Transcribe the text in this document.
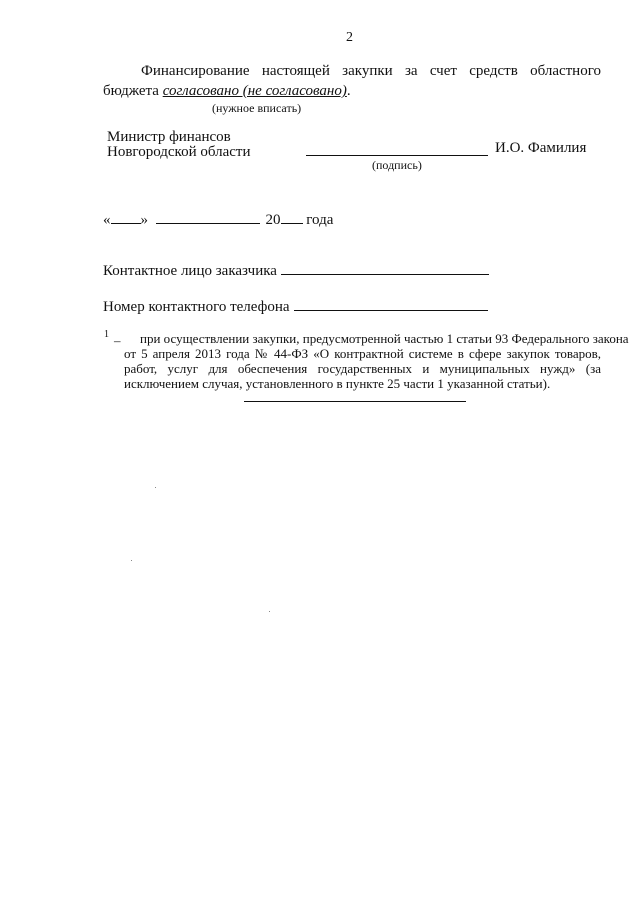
2
Финансирование настоящей закупки за счет средств областного
бюджета согласовано (не согласовано).
(нужное вписать)
Министр финансов
Новгородской области	И.О. Фамилия
(подпись)
« »	20 года
Контактное лицо заказчика
Номер контактного телефона
1 – при осуществлении закупки, предусмотренной частью 1 статьи 93 Федерального закона
от 5 апреля 2013 года № 44-ФЗ «О контрактной системе в сфере закупок товаров, работ, услуг для обеспечения государственных и муниципальных нужд» (за исключением случая, установленного в пункте 25 части 1 указанной статьи).
